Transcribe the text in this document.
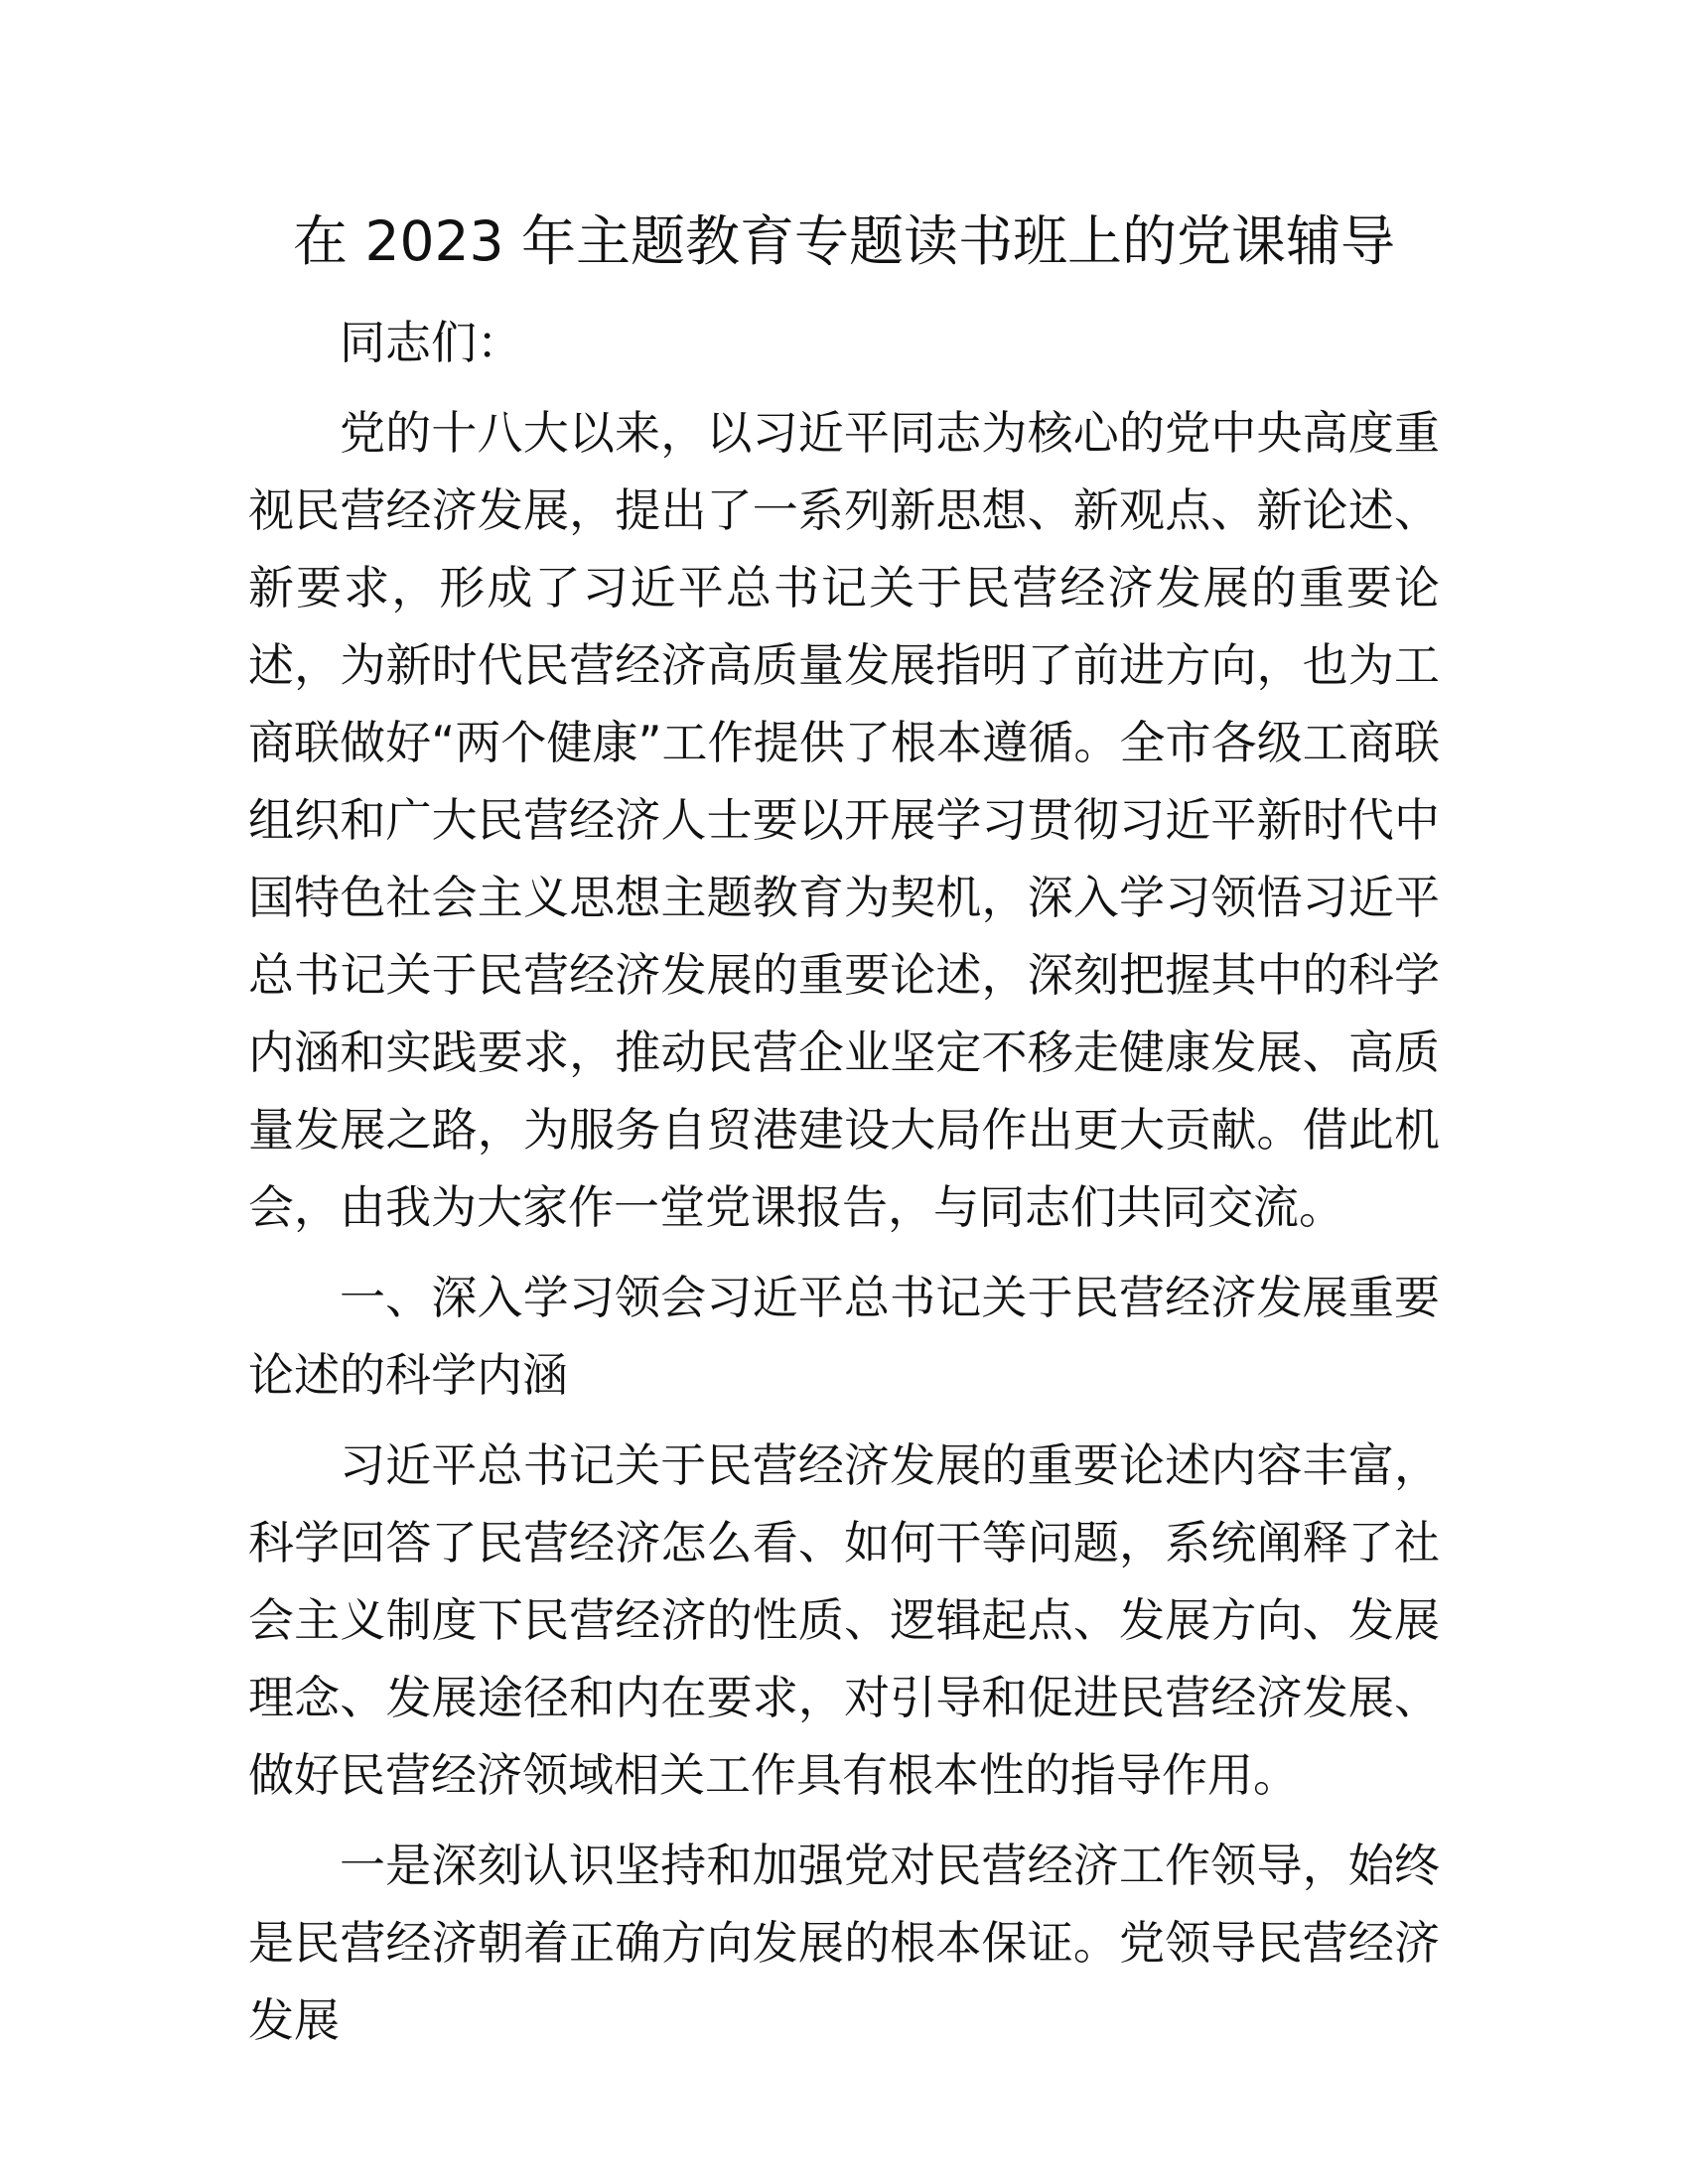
在 2023 年主题教育专题读书班上的党课辅导

同志们：

党的十八大以来，以习近平同志为核心的党中央高度重视民营经济发展，提出了一系列新思想、新观点、新论述、新要求，形成了习近平总书记关于民营经济发展的重要论述，为新时代民营经济高质量发展指明了前进方向，也为工商联做好“两个健康”工作提供了根本遵循。全市各级工商联组织和广大民营经济人士要以开展学习贯彻习近平新时代中国特色社会主义思想主题教育为契机，深入学习领悟习近平总书记关于民营经济发展的重要论述，深刻把握其中的科学内涵和实践要求，推动民营企业坚定不移走健康发展、高质量发展之路，为服务自贸港建设大局作出更大贡献。借此机会，由我为大家作一堂党课报告，与同志们共同交流。

一、深入学习领会习近平总书记关于民营经济发展重要论述的科学内涵

习近平总书记关于民营经济发展的重要论述内容丰富，科学回答了民营经济怎么看、如何干等问题，系统阐释了社会主义制度下民营经济的性质、逻辑起点、发展方向、发展理念、发展途径和内在要求，对引导和促进民营经济发展、做好民营经济领域相关工作具有根本性的指导作用。

一是深刻认识坚持和加强党对民营经济工作领导，始终是民营经济朝着正确方向发展的根本保证。党领导民营经济发展
